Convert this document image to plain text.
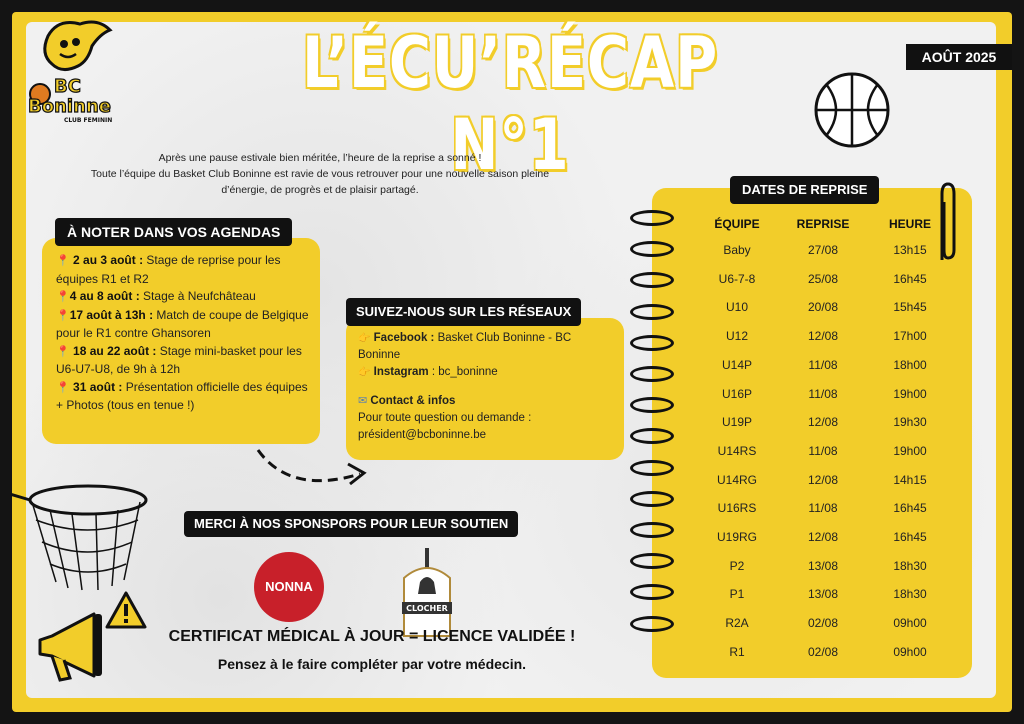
BC
Boninne
CLUB FEMININ
L’ÉCU’RÉCAP N°1
AOÛT 2025

Après une pause estivale bien méritée, l’heure de la reprise a sonné !

Toute l’équipe du Basket Club Boninne est ravie de vous retrouver pour une nouvelle saison pleine

d’énergie, de progrès et de plaisir partagé.

📍 2 au 3 août : Stage de reprise pour les équipes R1 et R2

📍4 au 8 août : Stage à Neufchâteau

📍17 août à 13h : Match de coupe de Belgique pour le R1 contre Ghansoren

📍 18 au 22 août : Stage mini-basket pour les U6-U7-U8, de 9h à 12h

📍 31 août : Présentation officielle des équipes + Photos (tous en tenue !)

À NOTER DANS VOS AGENDAS

👉 Facebook : Basket Club Boninne - BC Boninne

👉 Instagram : bc_boninne

✉ Contact & infos

Pour toute question ou demande :

président@bcboninne.be

SUIVEZ-NOUS SUR LES RÉSEAUX
MERCI À NOS SPONSPORS POUR LEUR SOUTIEN
NONNA
CLOCHER
CERTIFICAT MÉDICAL À JOUR = LICENCE VALIDÉE !
Pensez à le faire compléter par votre médecin.
DATES DE REPRISE
ÉQUIPE	REPRISE	HEURE
Baby	27/08	13h15
U6-7-8	25/08	16h45
U10	20/08	15h45
U12	12/08	17h00
U14P	11/08	18h00
U16P	11/08	19h00
U19P	12/08	19h30
U14RS	11/08	19h00
U14RG	12/08	14h15
U16RS	11/08	16h45
U19RG	12/08	16h45
P2	13/08	18h30
P1	13/08	18h30
R2A	02/08	09h00
R1	02/08	09h00
